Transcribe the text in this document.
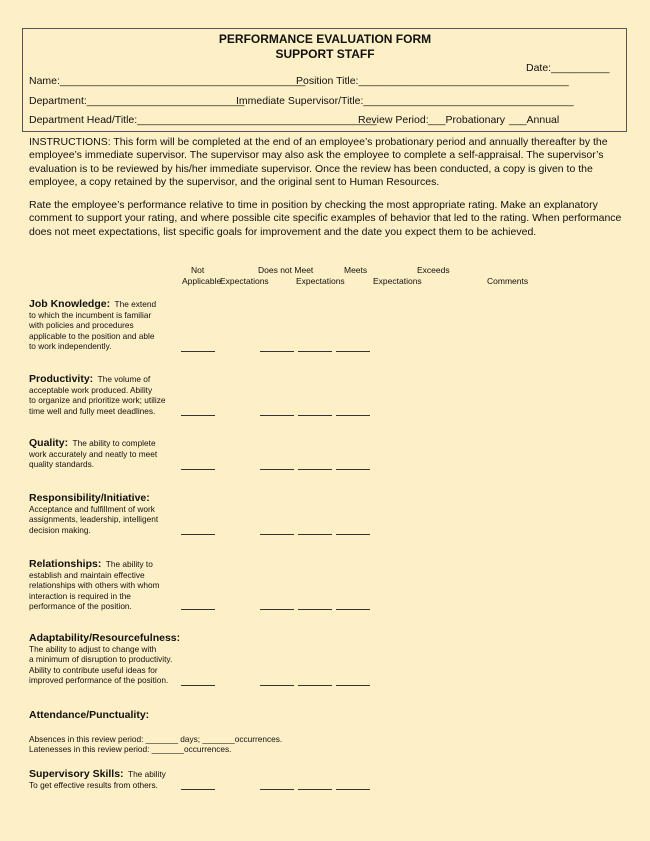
PERFORMANCE EVALUATION FORM
SUPPORT STAFF
Date:__________
Name:__________________________________________
Position Title:____________________________________
Department:___________________________
Immediate Supervisor/Title:____________________________________
Department Head/Title:_________________________________________
Review Period: ___Probationary ___Annual
INSTRUCTIONS: This form will be completed at the end of an employee’s probationary period and annually thereafter by the employee’s immediate supervisor. The supervisor may also ask the employee to complete a self-appraisal. The supervisor’s evaluation is to be reviewed by his/her immediate supervisor. Once the review has been conducted, a copy is given to the employee, a copy retained by the supervisor, and the original sent to Human Resources.
Rate the employee’s performance relative to time in position by checking the most appropriate rating. Make an explanatory comment to support your rating, and where possible cite specific examples of behavior that led to the rating. When performance does not meet expectations, list specific goals for improvement and the date you expect them to be achieved.
Not
Applicable
Does not Meet
Expectations
Meets
Expectations
Exceeds
Expectations	Comments
Job Knowledge: The extend
to which the incumbent is familiar
with policies and procedures
applicable to the position and able
to work independently.
Productivity: The volume of
acceptable work produced. Ability
to organize and prioritize work; utilize
time well and fully meet deadlines.
Quality: The ability to complete
work accurately and neatly to meet
quality standards.
Responsibility/Initiative:
Acceptance and fulfillment of work
assignments, leadership, intelligent
decision making.
Relationships: The ability to
establish and maintain effective
relationships with others with whom
interaction is required in the
performance of the position.
Adaptability/Resourcefulness:
The ability to adjust to change with
a minimum of disruption to productivity.
Ability to contribute useful ideas for
improved performance of the position.
Attendance/Punctuality:
Absences in this review period: _______ days; _______occurrences.
Latenesses in this review period: _______occurrences.
Supervisory Skills: The ability
To get effective results from others.
